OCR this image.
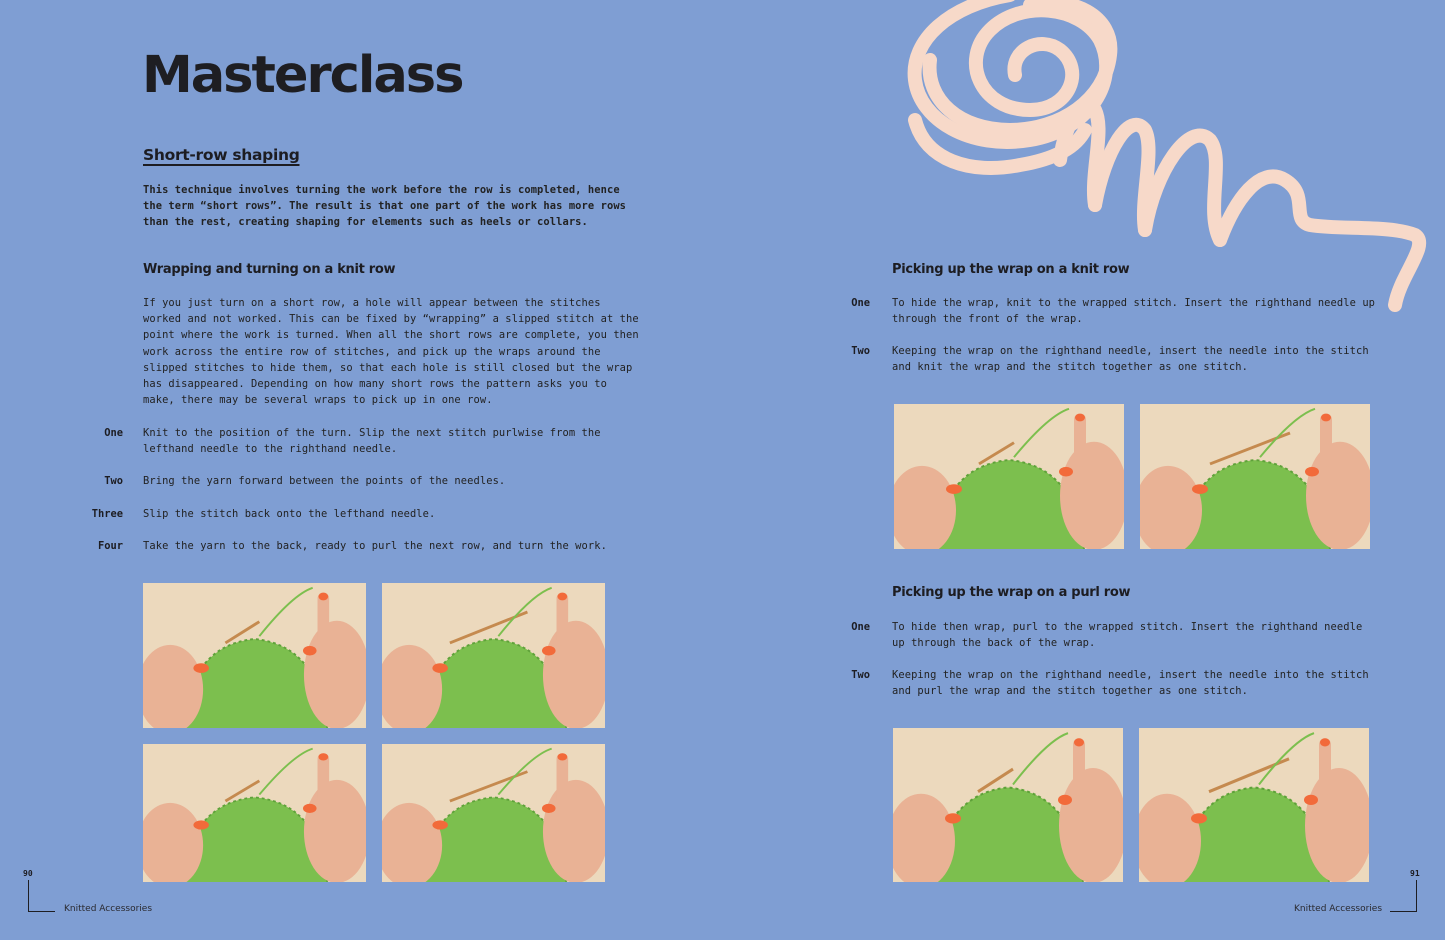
Masterclass
Short-row shaping

This technique involves turning the work before the row is completed, hence the term “short rows”. The result is that one part of the work has more rows than the rest, creating shaping for elements such as heels or collars.

Wrapping and turning on a knit row

If you just turn on a short row, a hole will appear between the stitches worked and not worked. This can be fixed by “wrapping” a slipped stitch at the point where the work is turned. When all the short rows are complete, you then work across the entire row of stitches, and pick up the wraps around the slipped stitches to hide them, so that each hole is still closed but the wrap has disappeared. Depending on how many short rows the pattern asks you to make, there may be several wraps to pick up in one row.

One Knit to the position of the turn. Slip the next stitch purlwise from the lefthand needle to the righthand needle.

Two Bring the yarn forward between the points of the needles.

Three Slip the stitch back onto the lefthand needle.

Four Take the yarn to the back, ready to purl the next row, and turn the work.

90
Knitted Accessories
Picking up the wrap on a knit row
One To hide the wrap, knit to the wrapped stitch. Insert the righthand needle up through the front of the wrap.

Two Keeping the wrap on the righthand needle, insert the needle into the stitch and knit the wrap and the stitch together as one stitch.

Picking up the wrap on a purl row
One To hide then wrap, purl to the wrapped stitch. Insert the righthand needle up through the back of the wrap.

Two Keeping the wrap on the righthand needle, insert the needle into the stitch and purl the wrap and the stitch together as one stitch.

91
Knitted Accessories
